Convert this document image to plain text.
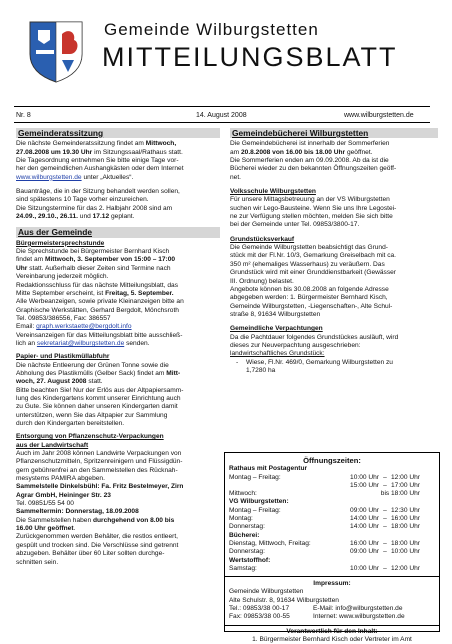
Gemeinde Wilburgstetten
MITTEILUNGSBLATT
Nr. 8	14. August 2008	www.wilburgstetten.de
Gemeinderatssitzung

Die nächste Gemeinderatssitzung findet am Mittwoch,

27.08.2008 um 19.30 Uhr im Sitzungssaal/Rathaus statt.

Die Tagesordnung entnehmen Sie bitte einige Tage vor-

her den gemeindlichen Aushangkästen oder dem Internet

www.wilburgstetten.de unter „Aktuelles“.

Bauanträge, die in der Sitzung behandelt werden sollen,

sind spätestens 10 Tage vorher einzureichen.

Die Sitzungstermine für das 2. Halbjahr 2008 sind am

24.09., 29.10., 26.11. und 17.12 geplant.

Aus der Gemeinde

Bürgermeistersprechstunde

Die Sprechstunde bei Bürgermeister Bernhard Kisch

findet am Mittwoch, 3. September von 15:00 – 17:00

Uhr statt. Außerhalb dieser Zeiten sind Termine nach

Vereinbarung jederzeit möglich.

Redaktionsschluss für das nächste Mitteilungsblatt, das

Mitte September erscheint, ist Freitag, 5. September.

Alle Werbeanzeigen, sowie private Kleinanzeigen bitte an

Graphische Werkstätten, Gerhard Bergdolt, Mönchsroth

Tel. 09853/386556, Fax: 386557

Email: graph.werkstaette@bergdolt.info

Vereinsanzeigen für das Mitteilungsblatt bitte ausschließ-

lich an sekretariat@wilburgstetten.de senden.

Papier- und Plastikmüllabfuhr

Die nächste Entleerung der Grünen Tonne sowie die

Abholung des Plastikmülls (Gelber Sack) findet am Mitt-

woch, 27. August 2008 statt.

Bitte beachten Sie! Nur der Erlös aus der Altpapiersamm-

lung des Kindergartens kommt unserer Einrichtung auch

zu Gute. Sie können daher unseren Kindergarten damit

unterstützen, wenn Sie das Altpapier zur Sammlung

durch den Kindergarten bereitstellen.

Entsorgung von Pflanzenschutz-Verpackungen

aus der Landwirtschaft

Auch im Jahr 2008 können Landwirte Verpackungen von

Pflanzenschutzmitteln, Spritzenreinigern und Flüssigdün-

gern gebührenfrei an den Sammelstellen des Rücknah-

mesystems PAMIRA abgeben.

Sammelstelle Dinkelsbühl: Fa. Fritz Bestelmeyer, Zirn

Agrar GmbH, Heininger Str. 23

Tel. 09851/55 54 00

Sammeltermin: Donnerstag, 18.09.2008

Die Sammelstellen haben durchgehend von 8.00 bis

16.00 Uhr geöffnet.

Zurückgenommen werden Behälter, die restlos entleert,

gespült und trocken sind. Die Verschlüsse sind getrennt

abzugeben. Behälter über 60 Liter sollten durchge-

schnitten sein.

Gemeindebücherei Wilburgstetten

Die Gemeindebücherei ist innerhalb der Sommerferien

am 20.8.2008 von 16.00 bis 18.00 Uhr geöffnet.

Die Sommerferien enden am 09.09.2008. Ab da ist die

Bücherei wieder zu den bekannten Öffnungszeiten geöff-

net.

Volksschule Wilburgstetten

Für unsere Mittagsbetreuung an der VS Wilburgstetten

suchen wir Lego-Bausteine. Wenn Sie uns Ihre Legostei-

ne zur Verfügung stellen möchten, melden Sie sich bitte

bei der Gemeinde unter Tel. 09853/3800-17.

Grundstücksverkauf

Die Gemeinde Wilburgstetten beabsichtigt das Grund-

stück mit der Fl.Nr. 10/3, Gemarkung Greiselbach mit ca.

350 m² (ehemaliges Wasserhaus) zu veräußern. Das

Grundstück wird mit einer Grunddienstbarkeit (Gewässer

III. Ordnung) belastet.

Angebote können bis 30.08.2008 an folgende Adresse

abgegeben werden: 1. Bürgermeister Bernhard Kisch,

Gemeinde Wilburgstetten, -Liegenschaften-, Alte Schul-

straße 8, 91634 Wilburgstetten

Gemeindliche Verpachtungen

Da die Pachtdauer folgendes Grundstückes ausläuft, wird

dieses zur Neuverpachtung ausgeschrieben:

landwirtschaftliches Grundstück:

-	Wiese, Fl.Nr. 469/0, Gemarkung Wilburgstetten zu
1,7280 ha
Öffnungszeiten:
Rathaus mit Postagentur
Montag – Freitag:	10:00 Uhr – 12:00 Uhr
15:00 Uhr – 17:00 Uhr
Mittwoch:	bis 18:00 Uhr
VG Wilburgstetten:
Montag – Freitag:	09:00 Uhr – 12:30 Uhr
Montag:	14:00 Uhr – 16:00 Uhr
Donnerstag:	14:00 Uhr – 18:00 Uhr
Bücherei:
Dienstag, Mittwoch, Freitag:	16:00 Uhr – 18:00 Uhr
Donnerstag:	09:00 Uhr – 10:00 Uhr
Wertstoffhof:
Samstag:	10:00 Uhr – 12:00 Uhr
Impressum:
Gemeinde Wilburgstetten
Alte Schulstr. 8, 91634 Wilburgstetten
Tel.: 09853/38 00-17	E-Mail: info@wilburgstetten.de
Fax: 09853/38 00-55	Internet: www.wilburgstetten.de
Verantwortlich für den Inhalt:
1. Bürgermeister Bernhard Kisch oder Vertreter im Amt
